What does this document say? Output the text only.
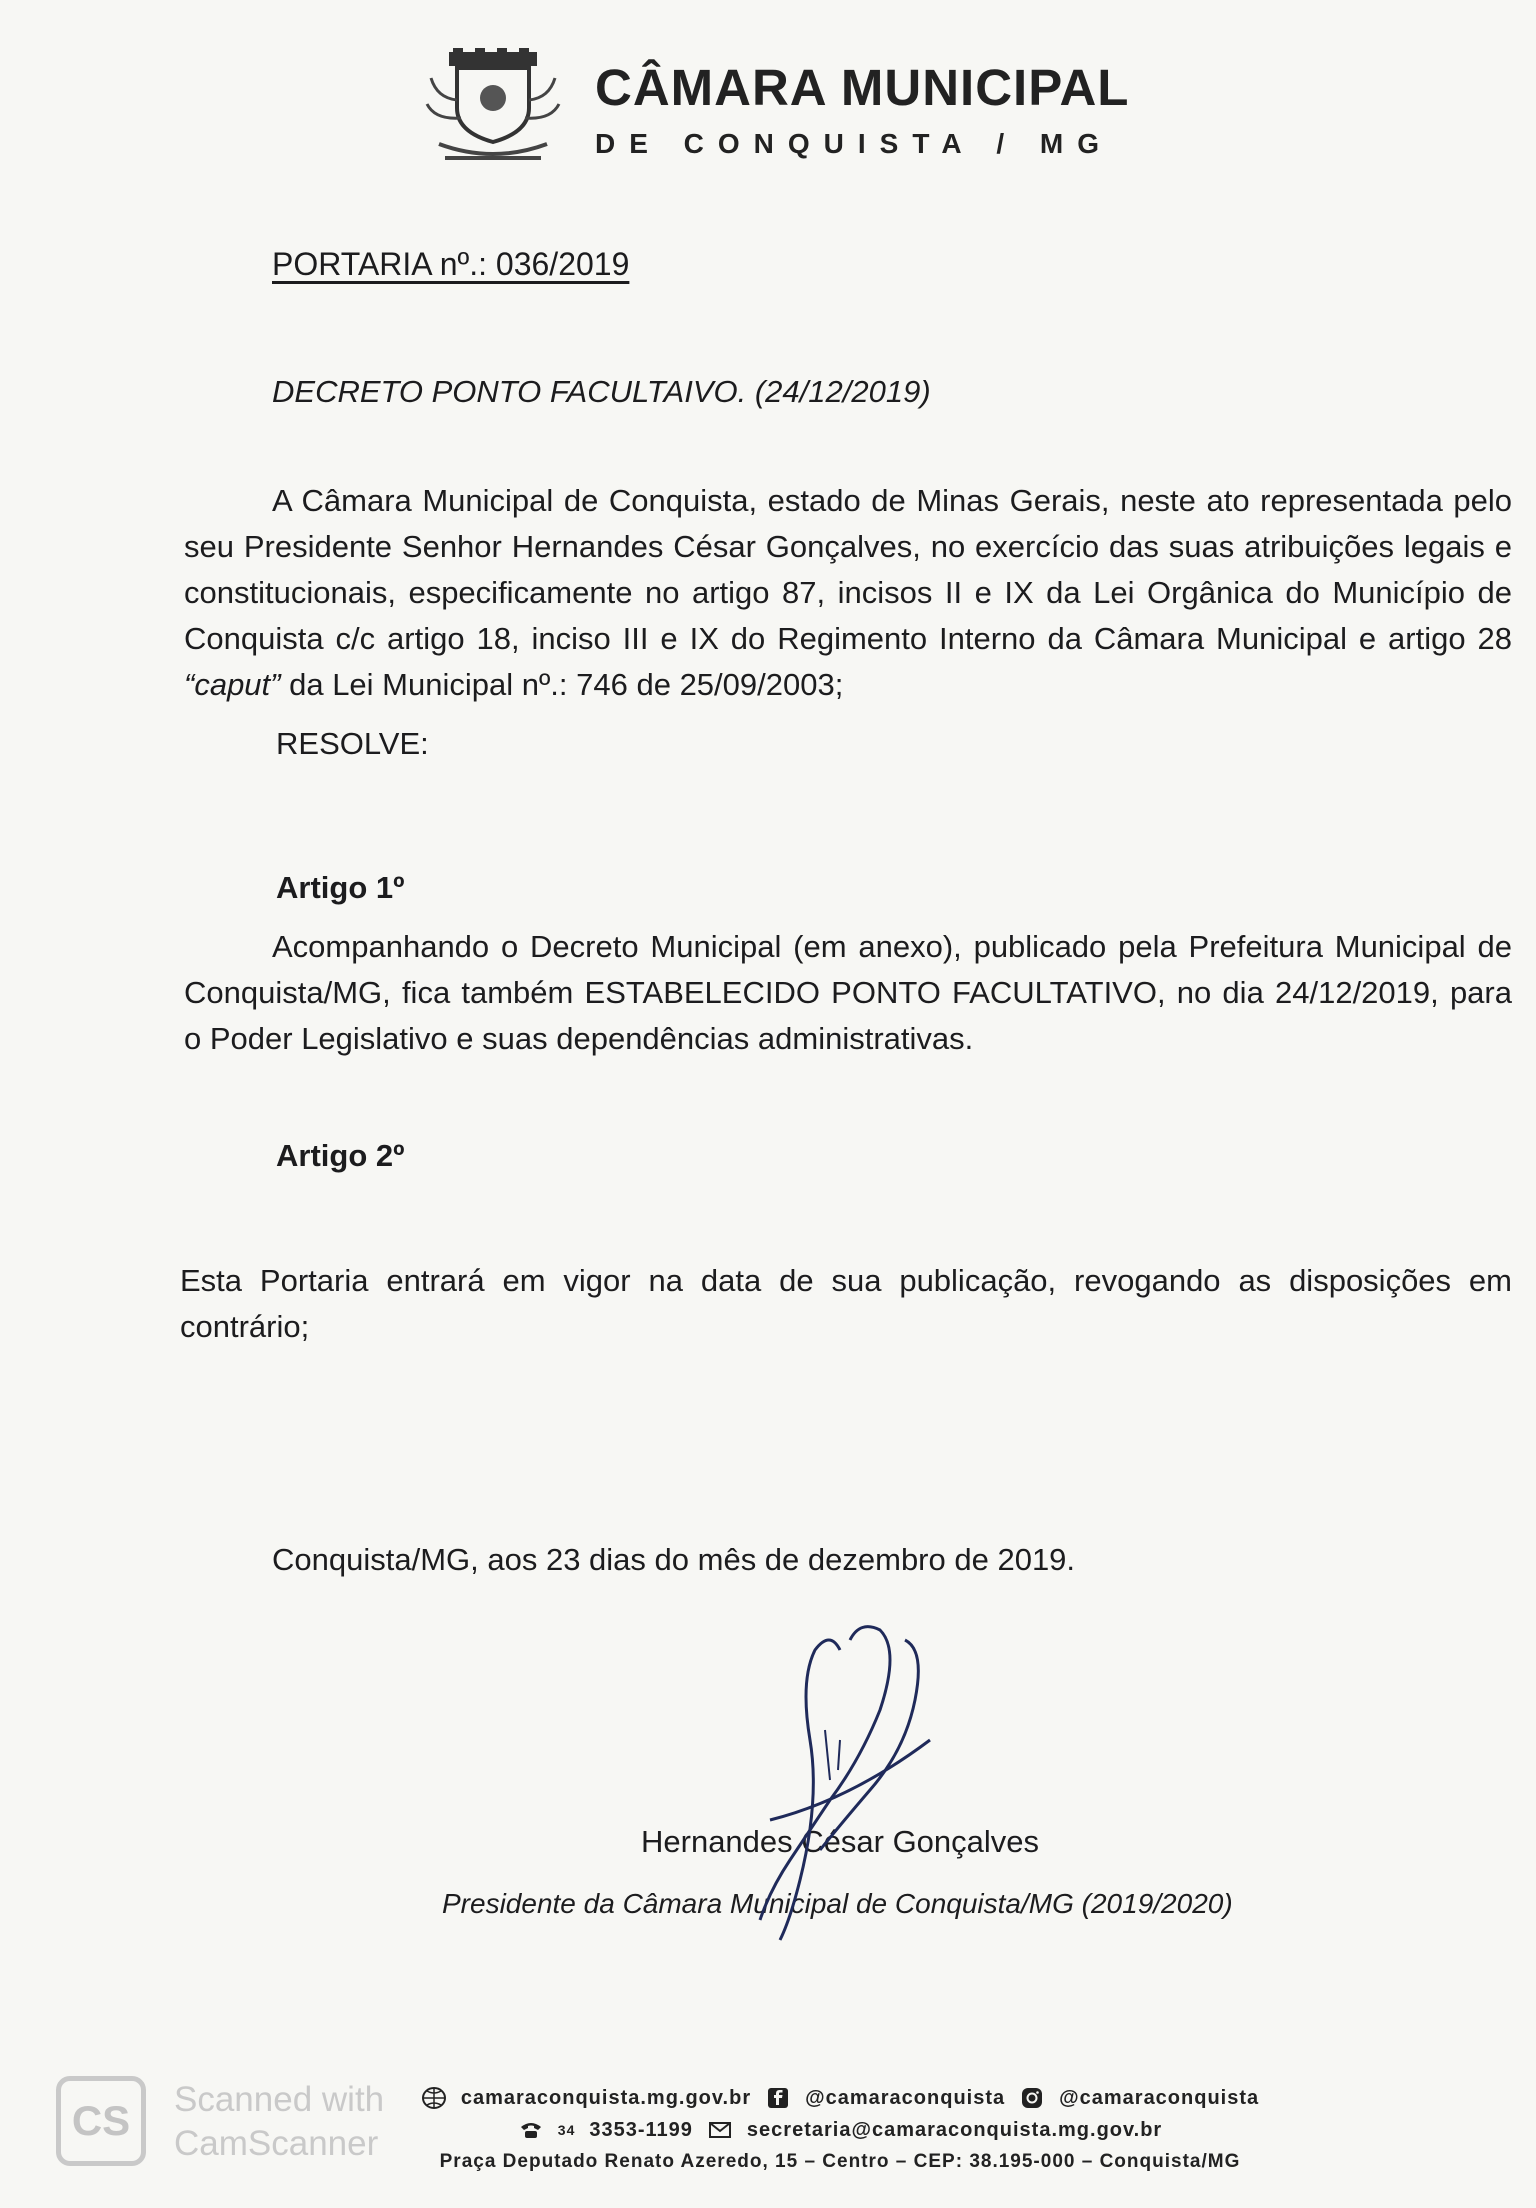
CÂMARA MUNICIPAL
DE CONQUISTA / MG
PORTARIA nº.: 036/2019
DECRETO PONTO FACULTAIVO. (24/12/2019)
A Câmara Municipal de Conquista, estado de Minas Gerais, neste ato representada pelo seu Presidente Senhor Hernandes César Gonçalves, no exercício das suas atribuições legais e constitucionais, especificamente no artigo 87, incisos II e IX da Lei Orgânica do Município de Conquista c/c artigo 18, inciso III e IX do Regimento Interno da Câmara Municipal e artigo 28 “caput” da Lei Municipal nº.: 746 de 25/09/2003;
RESOLVE:
Artigo 1º
Acompanhando o Decreto Municipal (em anexo), publicado pela Prefeitura Municipal de Conquista/MG, fica também ESTABELECIDO PONTO FACULTATIVO, no dia 24/12/2019, para o Poder Legislativo e suas dependências administrativas.
Artigo 2º
Esta Portaria entrará em vigor na data de sua publicação, revogando as disposições em contrário;
Conquista/MG, aos 23 dias do mês de dezembro de 2019.
Hernandes César Gonçalves
Presidente da Câmara Municipal de Conquista/MG (2019/2020)
camaraconquista.mg.gov.br	@camaraconquista	@camaraconquista
34 3353-1199	secretaria@camaraconquista.mg.gov.br
Praça Deputado Renato Azeredo, 15 – Centro – CEP: 38.195-000 – Conquista/MG
CS	Scanned with
CamScanner
